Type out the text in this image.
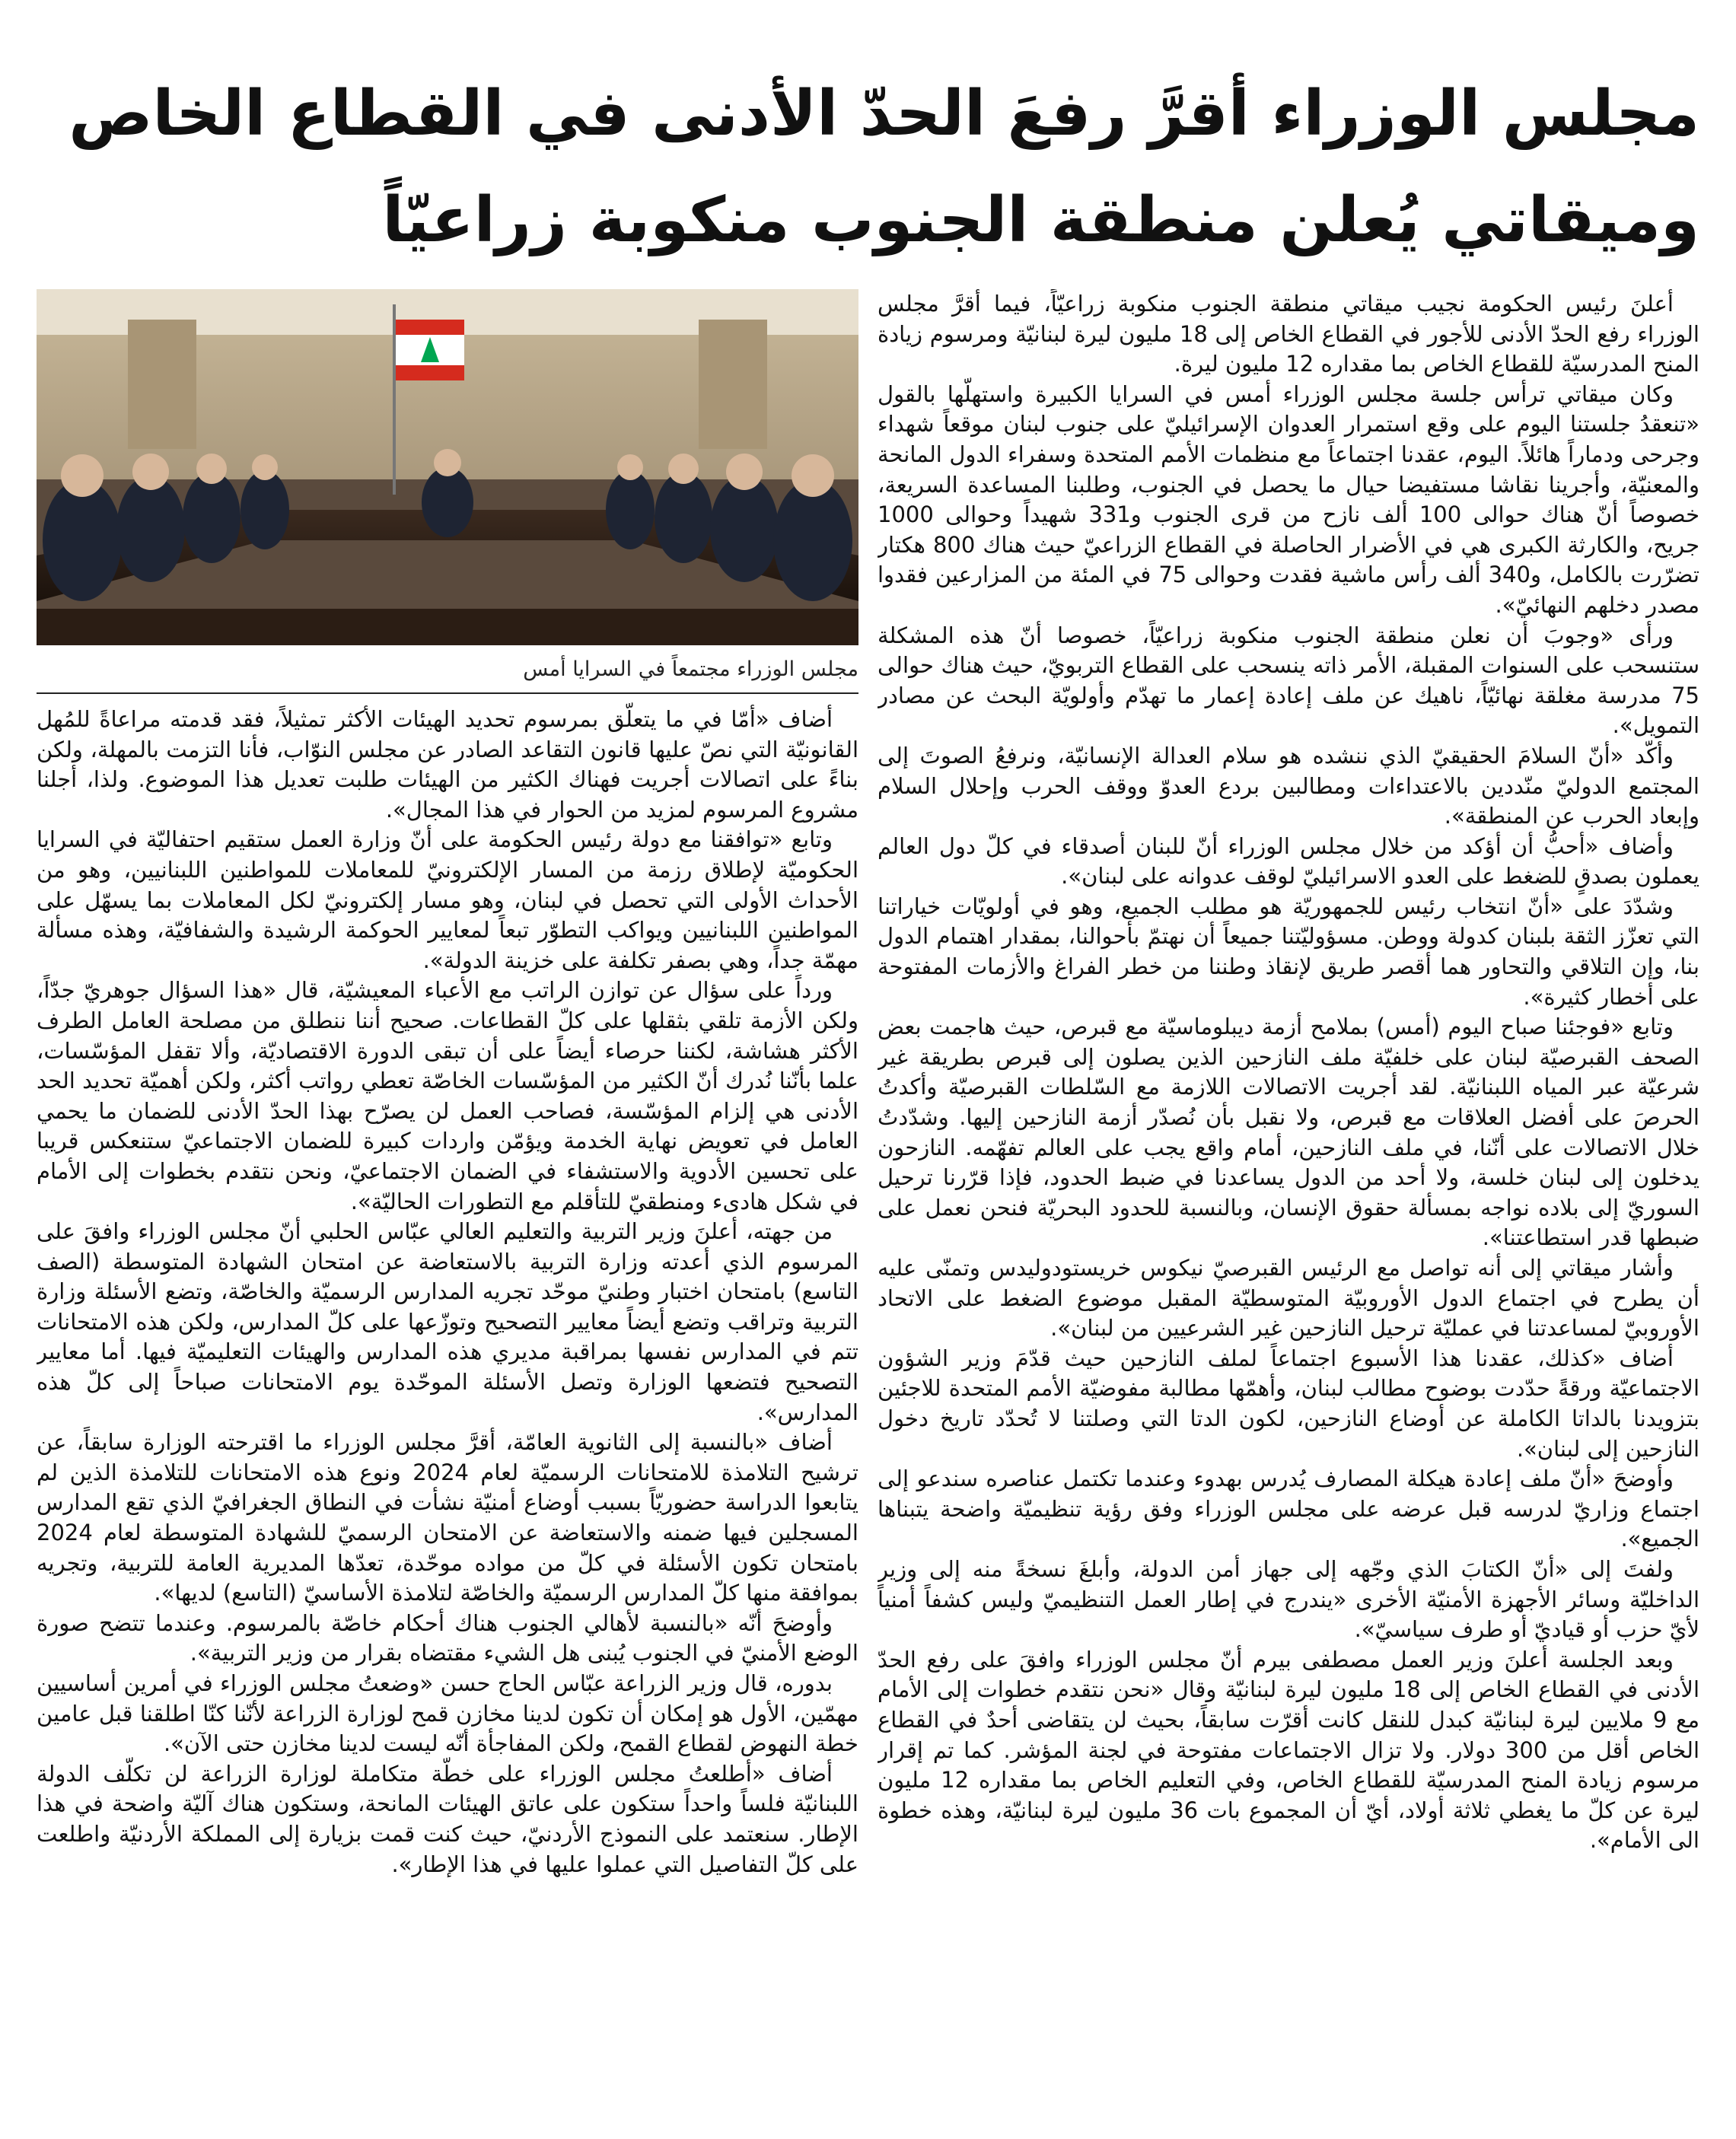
مجلس الوزراء أقرَّ رفعَ الحدّ الأدنى في القطاع الخاص
وميقاتي يُعلن منطقة الجنوب منكوبة زراعيّاً

أعلنَ رئيس الحكومة نجيب ميقاتي منطقة الجنوب منكوبة زراعيّاً، فيما أقرَّ مجلس الوزراء رفع الحدّ الأدنى للأجور في القطاع الخاص إلى 18 مليون ليرة لبنانيّة ومرسوم زيادة المنح المدرسيّة للقطاع الخاص بما مقداره 12 مليون ليرة.

وكان ميقاتي ترأس جلسة مجلس الوزراء أمس في السرايا الكبيرة واستهلّها بالقول «تنعقدُ جلستنا اليوم على وقع استمرار العدوان الإسرائيليّ على جنوب لبنان موقعاً شهداء وجرحى ودماراً هائلاً. اليوم، عقدنا اجتماعاً مع منظمات الأمم المتحدة وسفراء الدول المانحة والمعنيّة، وأجرينا نقاشا مستفيضا حيال ما يحصل في الجنوب، وطلبنا المساعدة السريعة، خصوصاً أنّ هناك حوالى 100 ألف نازح من قرى الجنوب و331 شهيداً وحوالى 1000 جريح، والكارثة الكبرى هي في الأضرار الحاصلة في القطاع الزراعيّ حيث هناك 800 هكتار تضرّرت بالكامل، و340 ألف رأس ماشية فقدت وحوالى 75 في المئة من المزارعين فقدوا مصدر دخلهم النهائيّ».

ورأى «وجوبَ أن نعلن منطقة الجنوب منكوبة زراعيّاً، خصوصا أنّ هذه المشكلة ستنسحب على السنوات المقبلة، الأمر ذاته ينسحب على القطاع التربويّ، حيث هناك حوالى 75 مدرسة مغلقة نهائيّاً، ناهيك عن ملف إعادة إعمار ما تهدّم وأولويّة البحث عن مصادر التمويل».

وأكّد «أنّ السلامَ الحقيقيّ الذي ننشده هو سلام العدالة الإنسانيّة، ونرفعُ الصوتَ إلى المجتمع الدوليّ منّددين بالاعتداءات ومطالبين بردع العدوّ ووقف الحرب وإحلال السلام وإبعاد الحرب عن المنطقة».

وأضاف «أحبُّ أن أؤكد من خلال مجلس الوزراء أنّ للبنان أصدقاء في كلّ دول العالم يعملون بصدقٍ للضغط على العدو الاسرائيليّ لوقف عدوانه على لبنان».

وشدّدَ على «أنّ انتخاب رئيس للجمهوريّة هو مطلب الجميع، وهو في أولويّات خياراتنا التي تعزّز الثقة بلبنان كدولة ووطن. مسؤوليّتنا جميعاً أن نهتمّ بأحوالنا، بمقدار اهتمام الدول بنا، وإن التلاقي والتحاور هما أقصر طريق لإنقاذ وطننا من خطر الفراغ والأزمات المفتوحة على أخطار كثيرة».

وتابع «فوجئنا صباح اليوم (أمس) بملامح أزمة ديبلوماسيّة مع قبرص، حيث هاجمت بعض الصحف القبرصيّة لبنان على خلفيّة ملف النازحين الذين يصلون إلى قبرص بطريقة غير شرعيّة عبر المياه اللبنانيّة. لقد أجريت الاتصالات اللازمة مع السّلطات القبرصيّة وأكدتُ الحرصَ على أفضل العلاقات مع قبرص، ولا نقبل بأن نُصدّر أزمة النازحين إليها. وشدّدتُ خلال الاتصالات على أنّنا، في ملف النازحين، أمام واقع يجب على العالم تفهّمه. النازحون يدخلون إلى لبنان خلسة، ولا أحد من الدول يساعدنا في ضبط الحدود، فإذا قرّرنا ترحيل السوريّ إلى بلاده نواجه بمسألة حقوق الإنسان، وبالنسبة للحدود البحريّة فنحن نعمل على ضبطها قدر استطاعتنا».

وأشار ميقاتي إلى أنه تواصل مع الرئيس القبرصيّ نيكوس خريستودوليدس وتمنّى عليه أن يطرح في اجتماع الدول الأوروبيّة المتوسطيّة المقبل موضوع الضغط على الاتحاد الأوروبيّ لمساعدتنا في عمليّة ترحيل النازحين غير الشرعيين من لبنان».

أضاف «كذلك، عقدنا هذا الأسبوع اجتماعاً لملف النازحين حيث قدّمَ وزير الشؤون الاجتماعيّة ورقةً حدّدت بوضوح مطالب لبنان، وأهمّها مطالبة مفوضيّة الأمم المتحدة للاجئين بتزويدنا بالداتا الكاملة عن أوضاع النازحين، لكون الدتا التي وصلتنا لا تُحدّد تاريخ دخول النازحين إلى لبنان».

وأوضحَ «أنّ ملف إعادة هيكلة المصارف يُدرس بهدوء وعندما تكتمل عناصره سندعو إلى اجتماع وزاريّ لدرسه قبل عرضه على مجلس الوزراء وفق رؤية تنظيميّة واضحة يتبناها الجميع».

ولفتَ إلى «أنّ الكتابَ الذي وجّهه إلى جهاز أمن الدولة، وأبلغَ نسخةً منه إلى وزير الداخليّة وسائر الأجهزة الأمنيّة الأخرى «يندرج في إطار العمل التنظيميّ وليس كشفاً أمنياً لأيّ حزب أو قياديّ أو طرف سياسيّ».

وبعد الجلسة أعلنَ وزير العمل مصطفى بيرم أنّ مجلس الوزراء وافقَ على رفع الحدّ الأدنى في القطاع الخاص إلى 18 مليون ليرة لبنانيّة وقال «نحن نتقدم خطوات إلى الأمام مع 9 ملايين ليرة لبنانيّة كبدل للنقل كانت أقرّت سابقاً، بحيث لن يتقاضى أحدٌ في القطاع الخاص أقل من 300 دولار. ولا تزال الاجتماعات مفتوحة في لجنة المؤشر. كما تم إقرار مرسوم زيادة المنح المدرسيّة للقطاع الخاص، وفي التعليم الخاص بما مقداره 12 مليون ليرة عن كلّ ما يغطي ثلاثة أولاد، أيّ أن المجموع بات 36 مليون ليرة لبنانيّة، وهذه خطوة الى الأمام».

مجلس الوزراء مجتمعاً في السرايا أمس

أضاف «أمّا في ما يتعلّق بمرسوم تحديد الهيئات الأكثر تمثيلاً، فقد قدمته مراعاةً للمُهل القانونيّة التي نصّ عليها قانون التقاعد الصادر عن مجلس النوّاب، فأنا التزمت بالمهلة، ولكن بناءً على اتصالات أجريت فهناك الكثير من الهيئات طلبت تعديل هذا الموضوع. ولذا، أجلنا مشروع المرسوم لمزيد من الحوار في هذا المجال».

وتابع «توافقنا مع دولة رئيس الحكومة على أنّ وزارة العمل ستقيم احتفاليّة في السرايا الحكوميّة لإطلاق رزمة من المسار الإلكترونيّ للمعاملات للمواطنين اللبنانيين، وهو من الأحداث الأولى التي تحصل في لبنان، وهو مسار إلكترونيّ لكل المعاملات بما يسهّل على المواطنين اللبنانيين ويواكب التطوّر تبعاً لمعايير الحوكمة الرشيدة والشفافيّة، وهذه مسألة مهمّة جداً، وهي بصفر تكلفة على خزينة الدولة».

ورداً على سؤال عن توازن الراتب مع الأعباء المعيشيّة، قال «هذا السؤال جوهريّ جدّاً، ولكن الأزمة تلقي بثقلها على كلّ القطاعات. صحيح أننا ننطلق من مصلحة العامل الطرف الأكثر هشاشة، لكننا حرصاء أيضاً على أن تبقى الدورة الاقتصاديّة، وألا تقفل المؤسّسات، علما بأنّنا نُدرك أنّ الكثير من المؤسّسات الخاصّة تعطي رواتب أكثر، ولكن أهميّة تحديد الحد الأدنى هي إلزام المؤسّسة، فصاحب العمل لن يصرّح بهذا الحدّ الأدنى للضمان ما يحمي العامل في تعويض نهاية الخدمة ويؤمّن واردات كبيرة للضمان الاجتماعيّ ستنعكس قريبا على تحسين الأدوية والاستشفاء في الضمان الاجتماعيّ، ونحن نتقدم بخطوات إلى الأمام في شكل هادىء ومنطقيّ للتأقلم مع التطورات الحاليّة».

من جهته، أعلنَ وزير التربية والتعليم العالي عبّاس الحلبي أنّ مجلس الوزراء وافقَ على المرسوم الذي أعدته وزارة التربية بالاستعاضة عن امتحان الشهادة المتوسطة (الصف التاسع) بامتحان اختبار وطنيّ موحّد تجريه المدارس الرسميّة والخاصّة، وتضع الأسئلة وزارة التربية وتراقب وتضع أيضاً معايير التصحيح وتوزّعها على كلّ المدارس، ولكن هذه الامتحانات تتم في المدارس نفسها بمراقبة مديري هذه المدارس والهيئات التعليميّة فيها. أما معايير التصحيح فتضعها الوزارة وتصل الأسئلة الموحّدة يوم الامتحانات صباحاً إلى كلّ هذه المدارس».

أضاف «بالنسبة إلى الثانوية العامّة، أقرَّ مجلس الوزراء ما اقترحته الوزارة سابقاً، عن ترشيح التلامذة للامتحانات الرسميّة لعام 2024 ونوع هذه الامتحانات للتلامذة الذين لم يتابعوا الدراسة حضوريّاً بسبب أوضاع أمنيّة نشأت في النطاق الجغرافيّ الذي تقع المدارس المسجلين فيها ضمنه والاستعاضة عن الامتحان الرسميّ للشهادة المتوسطة لعام 2024 بامتحان تكون الأسئلة في كلّ من مواده موحّدة، تعدّها المديرية العامة للتربية، وتجريه بموافقة منها كلّ المدارس الرسميّة والخاصّة لتلامذة الأساسيّ (التاسع) لديها».

وأوضحَ أنّه «بالنسبة لأهالي الجنوب هناك أحكام خاصّة بالمرسوم. وعندما تتضح صورة الوضع الأمنيّ في الجنوب يُبنى هل الشيء مقتضاه بقرار من وزير التربية».

بدوره، قال وزير الزراعة عبّاس الحاج حسن «وضعتُ مجلس الوزراء في أمرين أساسيين مهمّين، الأول هو إمكان أن تكون لدينا مخازن قمح لوزارة الزراعة لأنّنا كنّا اطلقنا قبل عامين خطة النهوض لقطاع القمح، ولكن المفاجأة أنّه ليست لدينا مخازن حتى الآن».

أضاف «أطلعتُ مجلس الوزراء على خطّة متكاملة لوزارة الزراعة لن تكلّف الدولة اللبنانيّة فلساً واحداً ستكون على عاتق الهيئات المانحة، وستكون هناك آليّة واضحة في هذا الإطار. سنعتمد على النموذج الأردنيّ، حيث كنت قمت بزيارة إلى المملكة الأردنيّة واطلعت على كلّ التفاصيل التي عملوا عليها في هذا الإطار».
